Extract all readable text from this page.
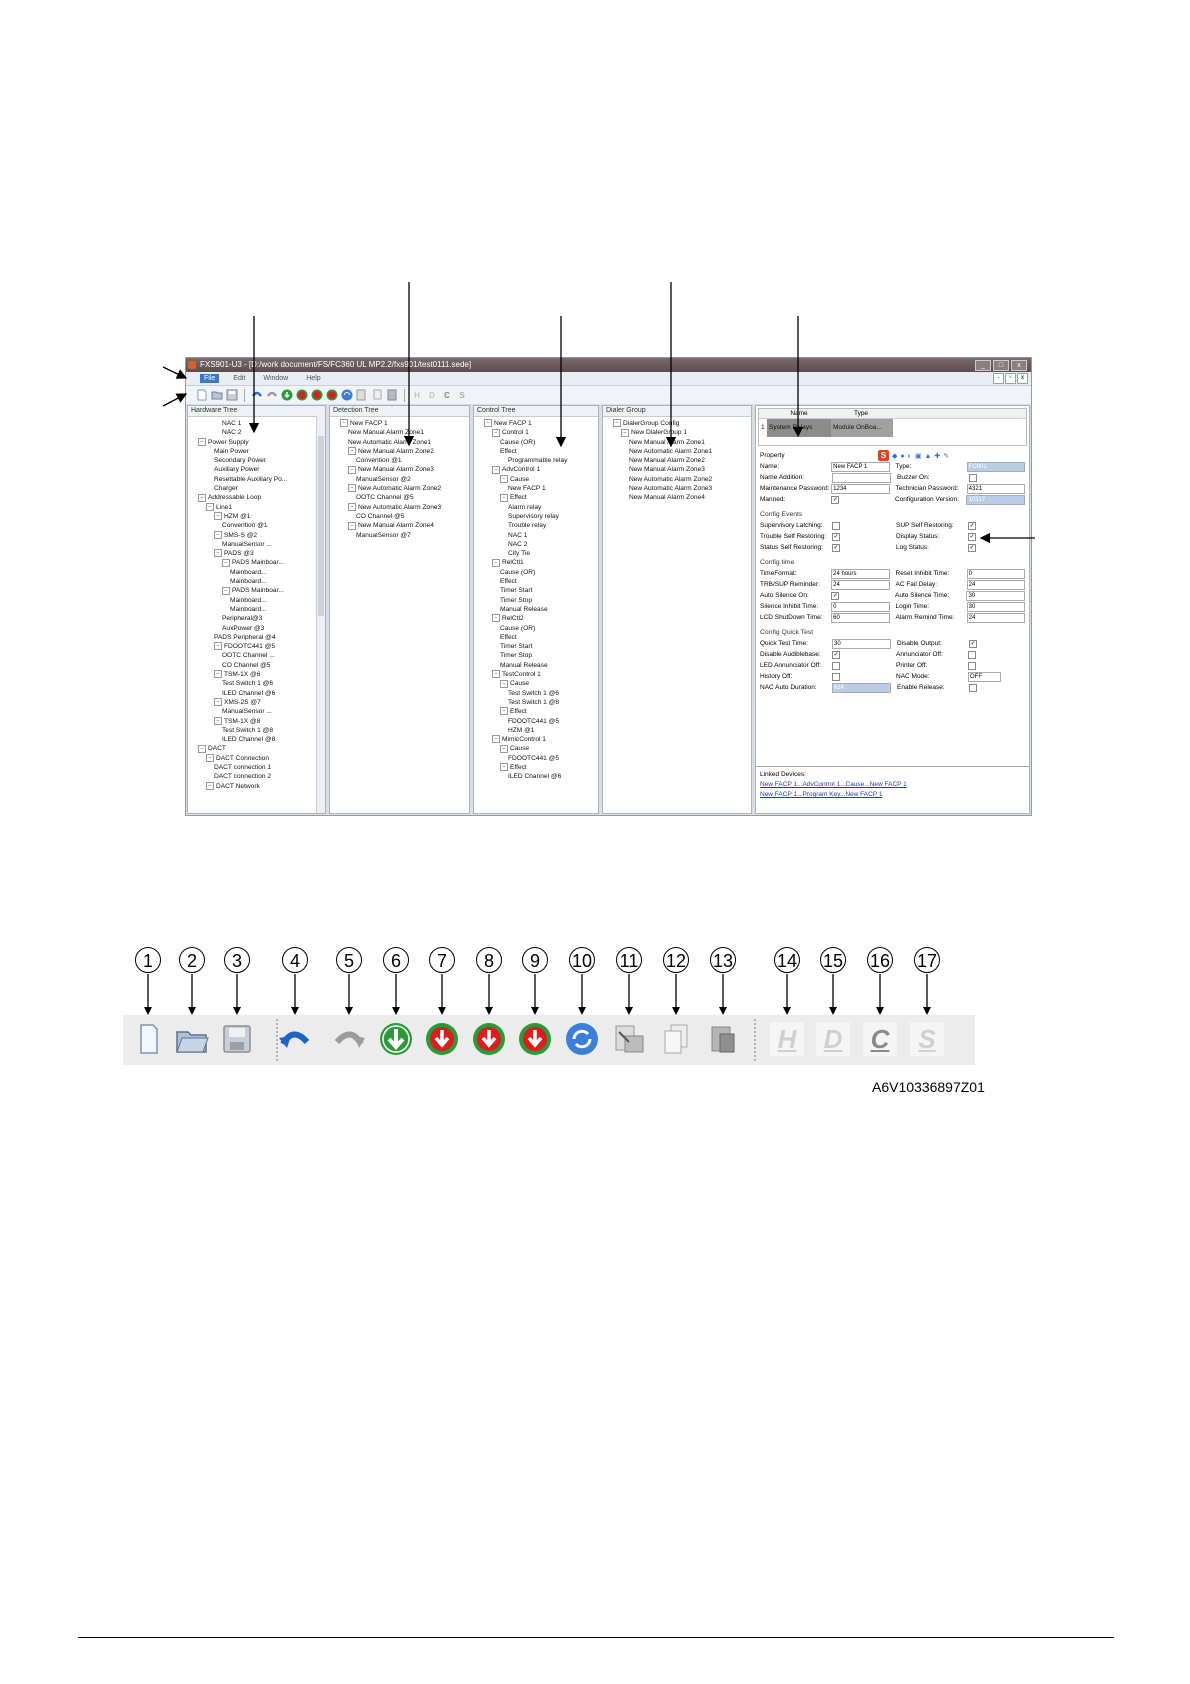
FXS901-U3 - [D:/work document/FS/FC360 UL MP2.2/fxs901/test0111.sede]	_	□	x
File	Edit	Window	Help	-	▫	x
H	D	C	S
Hardware Tree
NAC 1
NAC 2
− Power Supply
Main Power
Secondary Power
Auxiliary Power
Resettable Auxiliary Po...
Charger
− Addressable Loop
− Line1
− HZM @1
Convention @1
− SMS-S @2
ManualSensor ...
− PADS @3
− PADS Mainboar...
Mainboard...
Mainboard...
− PADS Mainboar...
Mainboard...
Mainboard...
Peripheral@3
AuxPower @3
PADS Peripheral @4
− FDOOTC441 @5
OOTC Channel ...
CO Channel @5
− TSM-1X @6
Test Switch 1 @6
ILED Channel @6
− XMS-2S @7
ManualSensor ...
− TSM-1X @8
Test Switch 1 @8
ILED Channel @8
− DACT
− DACT Connection
DACT connection 1
DACT connection 2
− DACT Network
Detection Tree
− New FACP 1
New Manual Alarm Zone1
New Automatic Alarm Zone1
− New Manual Alarm Zone2
Convention @1
− New Manual Alarm Zone3
ManualSensor @2
− New Automatic Alarm Zone2
OOTC Channel @5
− New Automatic Alarm Zone3
CO Channel @5
− New Manual Alarm Zone4
ManualSensor @7
Control Tree
− New FACP 1
− Control 1
Cause (OR)
Effect
Programmable relay
− AdvControl 1
− Cause
New FACP 1
− Effect
Alarm relay
Supervisory relay
Trouble relay
NAC 1
NAC 2
City Tie
− RelCtl1
Cause (OR)
Effect
Timer Start
Timer Stop
Manual Release
− RelCtl2
Cause (OR)
Effect
Timer Start
Timer Stop
Manual Release
− TestControl 1
− Cause
Test Switch 1 @6
Test Switch 1 @8
− Effect
FDOOTC441 @5
HZM @1
− MimicControl 1
− Cause
FDOOTC441 @5
− Effect
ILED Channel @6
Dialer Group
− DialerGroup Config
− New DialerGroup 1
New Manual Alarm Zone1
New Automatic Alarm Zone1
New Manual Alarm Zone2
New Manual Alarm Zone3
New Automatic Alarm Zone2
New Automatic Alarm Zone3
New Manual Alarm Zone4
Name	Type
1 System Relays	Module OnBoa...
Property	S ◆●◐▣▲✚✎
Name:	New FACP 1	Type:	FC901
Name Addition:	Buzzer On:
Maintenance Password: 1234	Technician Password:	4321
Manned:	✓	Configuration Version:	10317
Config Events
Supervisory Latching:	SUP Self Restoring:	✓
Trouble Self Restoring:	✓	Display Status:	✓
Status Self Restoring:	✓	Log Status:	✓
Config time
TimeFormat:	24 hours	Reset Inhibit Time:	0
TRB/SUP Reminder:	24	AC Fail Delay:	24
Auto Silence On:	✓	Auto Silence Time:	30
Silence Inhibit Time:	0	Login Time:	30
LCD ShutDown Time:	60	Alarm Remind Time:	24
Config Quick Test
Quick Test Time:	30	Disable Output:	✓
Disable Audiblebase:	✓	Annunciator Off:
LED Annunciator Off:	Printer Off:
History Off:	NAC Mode:	OFF
NAC Auto Duration:	624	Enable Release:
Linked Devices:
New FACP 1...AdvControl 1...Cause...New FACP 1
New FACP 1...Program Key...New FACP 1
1	2	3	4	5	6	7	8	9	10 11 12 13 14 15 16 17
H D C	S
A6V10336897Z01
